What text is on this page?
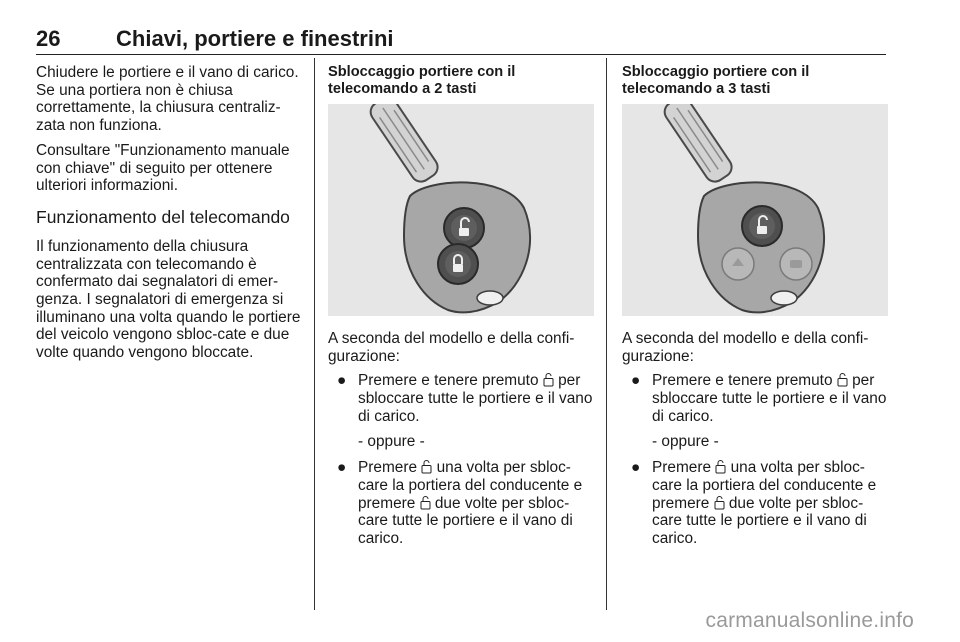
26	Chiavi, portiere e finestrini

Chiudere le portiere e il vano di carico. Se una portiera non è chiusa correttamente, la chiusura centraliz-zata non funziona.

Consultare "Funzionamento manuale con chiave" di seguito per ottenere ulteriori informazioni.

Funzionamento del telecomando

Il funzionamento della chiusura centralizzata con telecomando è confermato dai segnalatori di emer-genza. I segnalatori di emergenza si illuminano una volta quando le portiere del veicolo vengono sbloc-cate e due volte quando vengono bloccate.

Sbloccaggio portiere con il telecomando a 2 tasti

A seconda del modello e della confi-gurazione:

● Premere e tenere premuto per sbloccare tutte le portiere e il vano di carico.
- oppure -
● Premere una volta per sbloc-care la portiera del conducente e premere due volte per sbloc-care tutte le portiere e il vano di carico.
Sbloccaggio portiere con il telecomando a 3 tasti

A seconda del modello e della confi-gurazione:

● Premere e tenere premuto per sbloccare tutte le portiere e il vano di carico.
- oppure -
● Premere una volta per sbloc-care la portiera del conducente e premere due volte per sbloc-care tutte le portiere e il vano di carico.
carmanualsonline.info
